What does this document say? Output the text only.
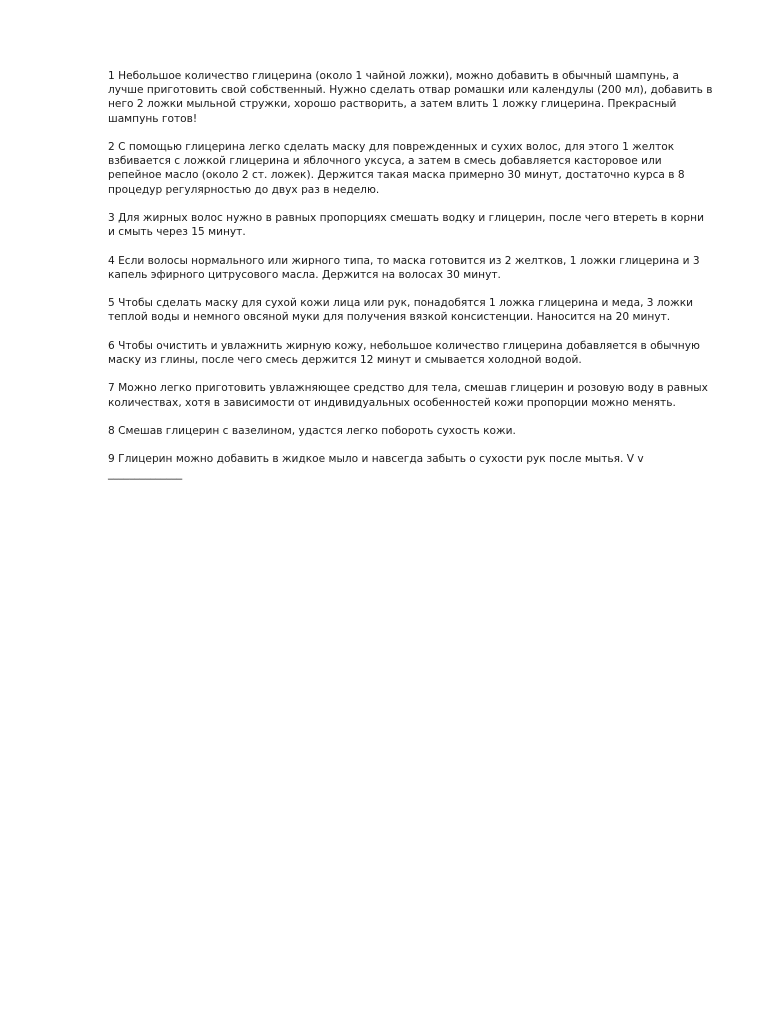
1 Небольшое количество глицерина (около 1 чайной ложки), можно добавить в обычный шампунь, а лучше приготовить свой собственный. Нужно сделать отвар ромашки или календулы (200 мл), добавить в него 2 ложки мыльной стружки, хорошо растворить, а затем влить 1 ложку глицерина. Прекрасный шампунь готов!

2 С помощью глицерина легко сделать маску для поврежденных и сухих волос, для этого 1 желток взбивается с ложкой глицерина и яблочного уксуса, а затем в смесь добавляется касторовое или репейное масло (около 2 ст. ложек). Держится такая маска примерно 30 минут, достаточно курса в 8 процедур регулярностью до двух раз в неделю.

3 Для жирных волос нужно в равных пропорциях смешать водку и глицерин, после чего втереть в корни и смыть через 15 минут.

4 Если волосы нормального или жирного типа, то маска готовится из 2 желтков, 1 ложки глицерина и 3 капель эфирного цитрусового масла. Держится на волосах 30 минут.

5 Чтобы сделать маску для сухой кожи лица или рук, понадобятся 1 ложка глицерина и меда, 3 ложки теплой воды и немного овсяной муки для получения вязкой консистенции. Наносится на 20 минут.

6 Чтобы очистить и увлажнить жирную кожу, небольшое количество глицерина добавляется в обычную маску из глины, после чего смесь держится 12 минут и смывается холодной водой.

7 Можно легко приготовить увлажняющее средство для тела, смешав глицерин и розовую воду в равных количествах, хотя в зависимости от индивидуальных особенностей кожи пропорции можно менять.

8 Смешав глицерин с вазелином, удастся легко побороть сухость кожи.

9 Глицерин можно добавить в жидкое мыло и навсегда забыть о сухости рук после мытья. V v

______________
